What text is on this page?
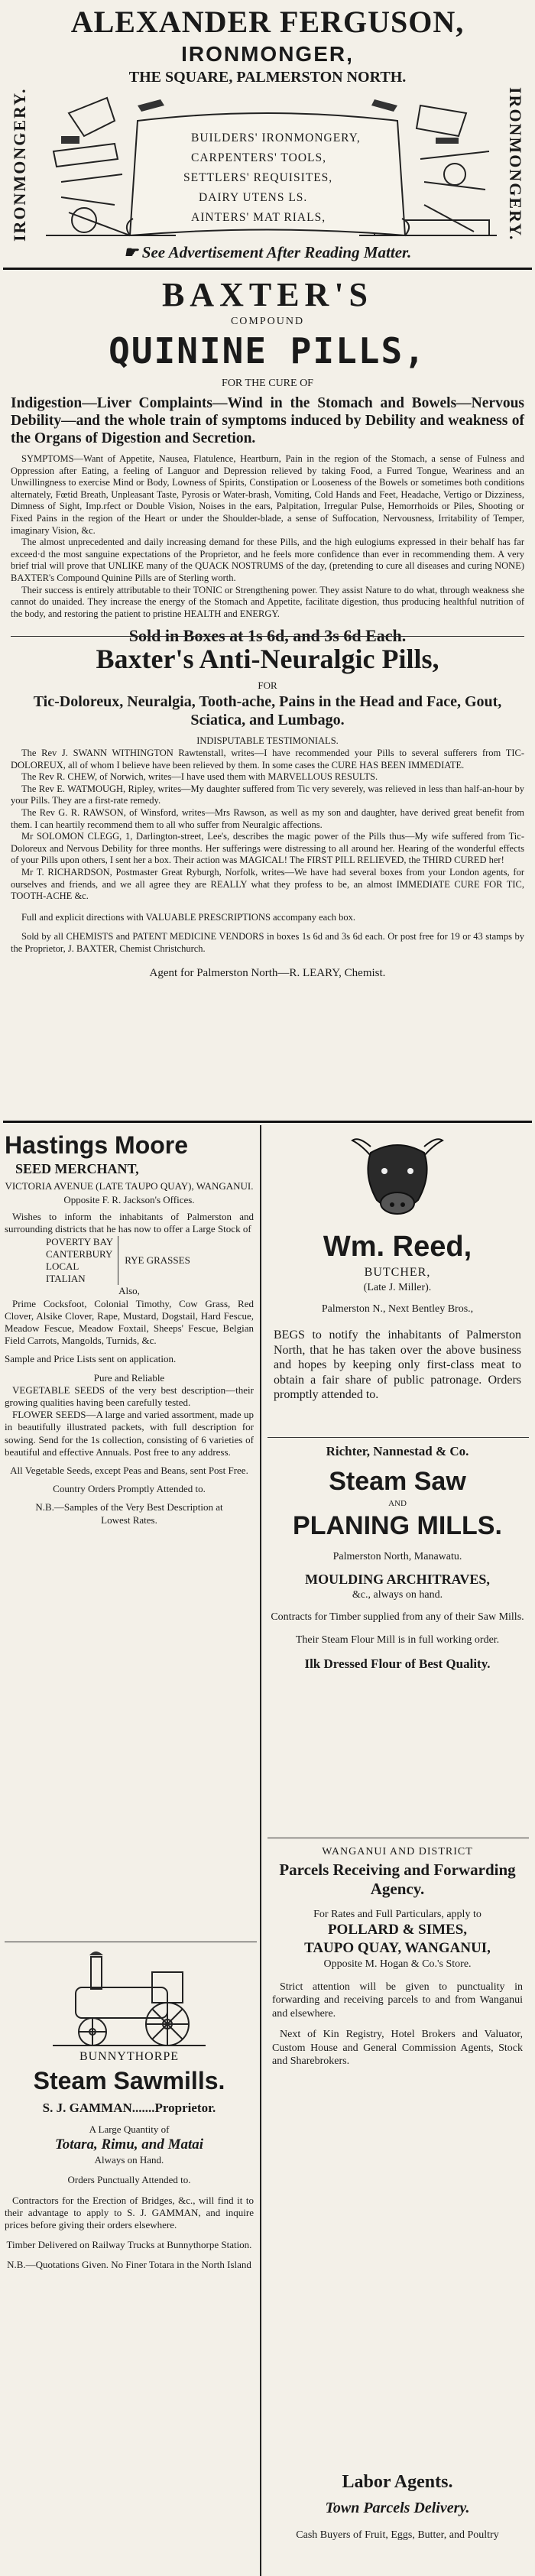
ALEXANDER FERGUSON,
IRONMONGER,
THE SQUARE, PALMERSTON NORTH.
IRONMONGERY.	IRONMONGERY.
BUILDERS' IRONMONGERY,
CARPENTERS' TOOLS,
SETTLERS' REQUISITES,
DAIRY UTENS LS.
AINTERS' MAT RIALS,
☛ See Advertisement After Reading Matter.
BAXTER'S
COMPOUND
QUININE PILLS,
FOR THE CURE OF

Indigestion—Liver Complaints—Wind in the Stomach and Bowels—Nervous Debility—and the whole train of symptoms induced by Debility and weakness of the Organs of Digestion and Secretion.

SYMPTOMS—Want of Appetite, Nausea, Flatulence, Heartburn, Pain in the region of the Stomach, a sense of Fulness and Oppression after Eating, a feeling of Languor and Depression relieved by taking Food, a Furred Tongue, Weariness and an Unwillingness to exercise Mind or Body, Lowness of Spirits, Constipation or Looseness of the Bowels or sometimes both conditions alternately, Fœtid Breath, Unpleasant Taste, Pyrosis or Water-brash, Vomiting, Cold Hands and Feet, Headache, Vertigo or Dizziness, Dimness of Sight, Imp.rfect or Double Vision, Noises in the ears, Palpitation, Irregular Pulse, Hemorrhoids or Piles, Shooting or Fixed Pains in the region of the Heart or under the Shoulder-blade, a sense of Suffocation, Nervousness, Irritability of Temper, imaginary Vision, &c.

The almost unprecedented and daily increasing demand for these Pills, and the high eulogiums expressed in their behalf has far exceed·d the most sanguine expectations of the Proprietor, and he feels more confidence than ever in recommending them. A very brief trial will prove that UNLIKE many of the QUACK NOSTRUMS of the day, (pretending to cure all diseases and curing NONE) BAXTER's Compound Quinine Pills are of Sterling worth.

Their success is entirely attributable to their TONIC or Strengthening power. They assist Nature to do what, through weakness she cannot do unaided. They increase the energy of the Stomach and Appetite, facilitate digestion, thus producing healthful nutrition of the body, and restoring the patient to pristine HEALTH and ENERGY.

Sold in Boxes at 1s 6d, and 3s 6d Each.
Baxter's Anti-Neuralgic Pills,
FOR
Tic-Doloreux, Neuralgia, Tooth-ache, Pains in the Head and Face, Gout, Sciatica, and Lumbago.
INDISPUTABLE TESTIMONIALS.

The Rev J. SWANN WITHINGTON Rawtenstall, writes—I have recommended your Pills to several sufferers from TIC-DOLOREUX, all of whom I believe have been relieved by them. In some cases the CURE HAS BEEN IMMEDIATE.

The Rev R. CHEW, of Norwich, writes—I have used them with MARVELLOUS RESULTS.

The Rev E. WATMOUGH, Ripley, writes—My daughter suffered from Tic very severely, was relieved in less than half-an-hour by your Pills. They are a first-rate remedy.

The Rev G. R. RAWSON, of Winsford, writes—Mrs Rawson, as well as my son and daughter, have derived great benefit from them. I can heartily recommend them to all who suffer from Neuralgic affections.

Mr SOLOMON CLEGG, 1, Darlington-street, Lee's, describes the magic power of the Pills thus—My wife suffered from Tic-Doloreux and Nervous Debility for three months. Her sufferings were distressing to all around her. Hearing of the wonderful effects of your Pills upon others, I sent her a box. Their action was MAGICAL! The FIRST PILL RELIEVED, the THIRD CURED her!

Mr T. RICHARDSON, Postmaster Great Ryburgh, Norfolk, writes—We have had several boxes from your London agents, for ourselves and friends, and we all agree they are REALLY what they profess to be, an almost IMMEDIATE CURE FOR TIC, TOOTH-ACHE &c.

Full and explicit directions with VALUABLE PRESCRIPTIONS accompany each box.

Sold by all CHEMISTS and PATENT MEDICINE VENDORS in boxes 1s 6d and 3s 6d each. Or post free for 19 or 43 stamps by the Proprietor, J. BAXTER, Chemist Christchurch.

Agent for Palmerston North—R. LEARY, Chemist.
Hastings Moore
SEED MERCHANT,
VICTORIA AVENUE (LATE TAUPO QUAY), WANGANUI.
Opposite F. R. Jackson's Offices.

Wishes to inform the inhabitants of Palmerston and surrounding districts that he has now to offer a Large Stock of

POVERTY BAY
CANTERBURY
LOCAL
ITALIAN
RYE GRASSES
Also,

Prime Cocksfoot, Colonial Timothy, Cow Grass, Red Clover, Alsike Clover, Rape, Mustard, Dogstail, Hard Fescue, Meadow Fescue, Meadow Foxtail, Sheeps' Fescue, Belgian Field Carrots, Mangolds, Turnids, &c.

Sample and Price Lists sent on application.
Pure and Reliable

VEGETABLE SEEDS of the very best description—their growing qualities having been carefully tested.

FLOWER SEEDS—A large and varied assortment, made up in beautifully illustrated packets, with full description for sowing. Send for the 1s collection, consisting of 6 varieties of beautiful and effective Annuals. Post free to any address.

All Vegetable Seeds, except Peas and Beans, sent Post Free.

Country Orders Promptly Attended to.

N.B.—Samples of the Very Best Description at Lowest Rates.

BUNNYTHORPE
Steam Sawmills.
S. J. GAMMAN.......Proprietor.
A Large Quantity of
Totara, Rimu, and Matai
Always on Hand.
Orders Punctually Attended to.

Contractors for the Erection of Bridges, &c., will find it to their advantage to apply to S. J. GAMMAN, and inquire prices before giving their orders elsewhere.

Timber Delivered on Railway Trucks at Bunnythorpe Station.

N.B.—Quotations Given. No Finer Totara in the North Island

Wm. Reed,
BUTCHER,
(Late J. Miller).
Palmerston N., Next Bentley Bros.,

BEGS to notify the inhabitants of Palmerston North, that he has taken over the above business and hopes by keeping only first-class meat to obtain a fair share of public patronage. Orders promptly attended to.

Richter, Nannestad & Co.
Steam Saw
AND
PLANING MILLS.
Palmerston North, Manawatu.
MOULDING ARCHITRAVES,
&c., always on hand.

Contracts for Timber supplied from any of their Saw Mills.

Their Steam Flour Mill is in full working order.

Ilk Dressed Flour of Best Quality.
WANGANUI AND DISTRICT
Parcels Receiving and Forwarding Agency.
For Rates and Full Particulars, apply to
POLLARD & SIMES,
TAUPO QUAY, WANGANUI,
Opposite M. Hogan & Co.'s Store.

Strict attention will be given to punctuality in forwarding and receiving parcels to and from Wanganui and elsewhere.

Next of Kin Registry, Hotel Brokers and Valuator, Custom House and General Commission Agents, Stock and Sharebrokers.

Labor Agents.
Town Parcels Delivery.

Cash Buyers of Fruit, Eggs, Butter, and Poultry
